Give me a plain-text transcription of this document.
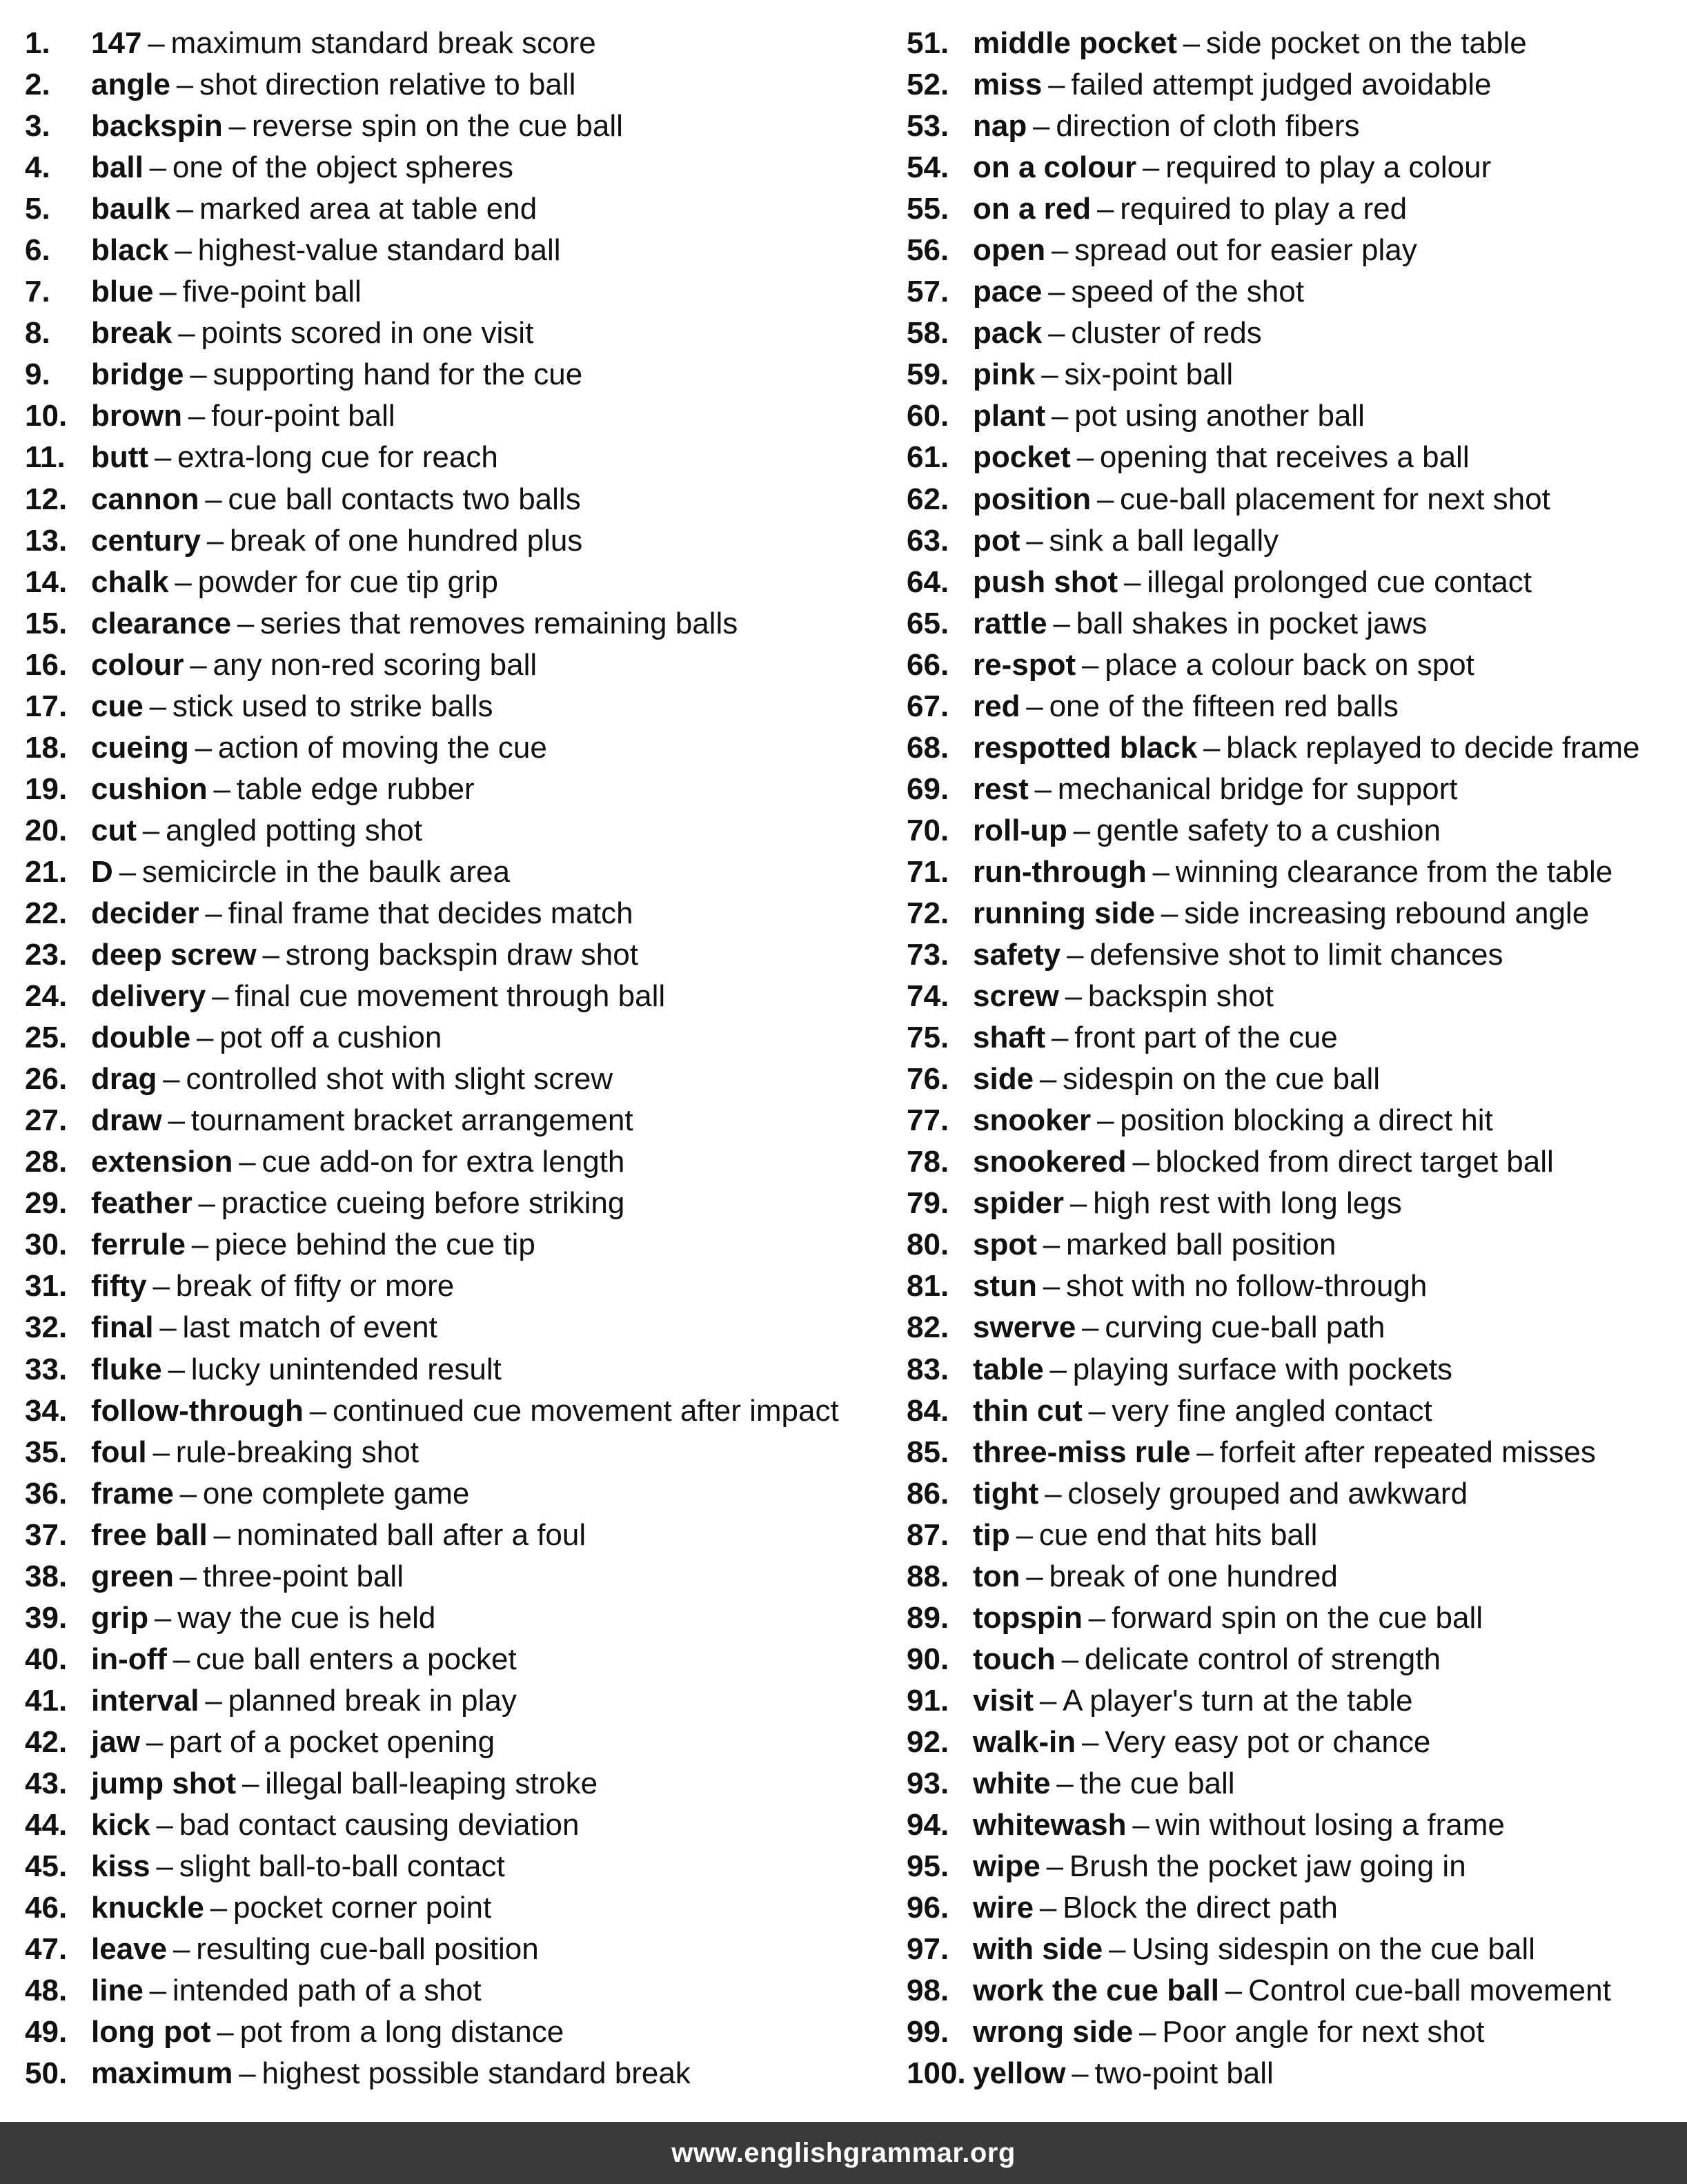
1.	147 – maximum standard break score
2.	angle – shot direction relative to ball
3.	backspin – reverse spin on the cue ball
4.	ball – one of the object spheres
5.	baulk – marked area at table end
6.	black – highest-value standard ball
7.	blue – five-point ball
8.	break – points scored in one visit
9.	bridge – supporting hand for the cue
10. brown – four-point ball
11. butt – extra-long cue for reach
12. cannon – cue ball contacts two balls
13. century – break of one hundred plus
14. chalk – powder for cue tip grip
15. clearance – series that removes remaining balls
16. colour – any non-red scoring ball
17. cue – stick used to strike balls
18. cueing – action of moving the cue
19. cushion – table edge rubber
20. cut – angled potting shot
21. D – semicircle in the baulk area
22. decider – final frame that decides match
23. deep screw – strong backspin draw shot
24. delivery – final cue movement through ball
25. double – pot off a cushion
26. drag – controlled shot with slight screw
27. draw – tournament bracket arrangement
28. extension – cue add-on for extra length
29. feather – practice cueing before striking
30. ferrule – piece behind the cue tip
31. fifty – break of fifty or more
32. final – last match of event
33. fluke – lucky unintended result
34. follow-through – continued cue movement after impact
35. foul – rule-breaking shot
36. frame – one complete game
37. free ball – nominated ball after a foul
38. green – three-point ball
39. grip – way the cue is held
40. in-off – cue ball enters a pocket
41. interval – planned break in play
42. jaw – part of a pocket opening
43. jump shot – illegal ball-leaping stroke
44. kick – bad contact causing deviation
45. kiss – slight ball-to-ball contact
46. knuckle – pocket corner point
47. leave – resulting cue-ball position
48. line – intended path of a shot
49. long pot – pot from a long distance
50. maximum – highest possible standard break
51. middle pocket – side pocket on the table
52. miss – failed attempt judged avoidable
53. nap – direction of cloth fibers
54. on a colour – required to play a colour
55. on a red – required to play a red
56. open – spread out for easier play
57. pace – speed of the shot
58. pack – cluster of reds
59. pink – six-point ball
60. plant – pot using another ball
61. pocket – opening that receives a ball
62. position – cue-ball placement for next shot
63. pot – sink a ball legally
64. push shot – illegal prolonged cue contact
65. rattle – ball shakes in pocket jaws
66. re-spot – place a colour back on spot
67. red – one of the fifteen red balls
68. respotted black – black replayed to decide frame
69. rest – mechanical bridge for support
70. roll-up – gentle safety to a cushion
71. run-through – winning clearance from the table
72. running side – side increasing rebound angle
73. safety – defensive shot to limit chances
74. screw – backspin shot
75. shaft – front part of the cue
76. side – sidespin on the cue ball
77. snooker – position blocking a direct hit
78. snookered – blocked from direct target ball
79. spider – high rest with long legs
80. spot – marked ball position
81. stun – shot with no follow-through
82. swerve – curving cue-ball path
83. table – playing surface with pockets
84. thin cut – very fine angled contact
85. three-miss rule – forfeit after repeated misses
86. tight – closely grouped and awkward
87. tip – cue end that hits ball
88. ton – break of one hundred
89. topspin – forward spin on the cue ball
90. touch – delicate control of strength
91. visit – A player's turn at the table
92. walk-in – Very easy pot or chance
93. white – the cue ball
94. whitewash – win without losing a frame
95. wipe – Brush the pocket jaw going in
96. wire – Block the direct path
97. with side – Using sidespin on the cue ball
98. work the cue ball – Control cue-ball movement
99. wrong side – Poor angle for next shot
100. yellow – two-point ball
www.englishgrammar.org
